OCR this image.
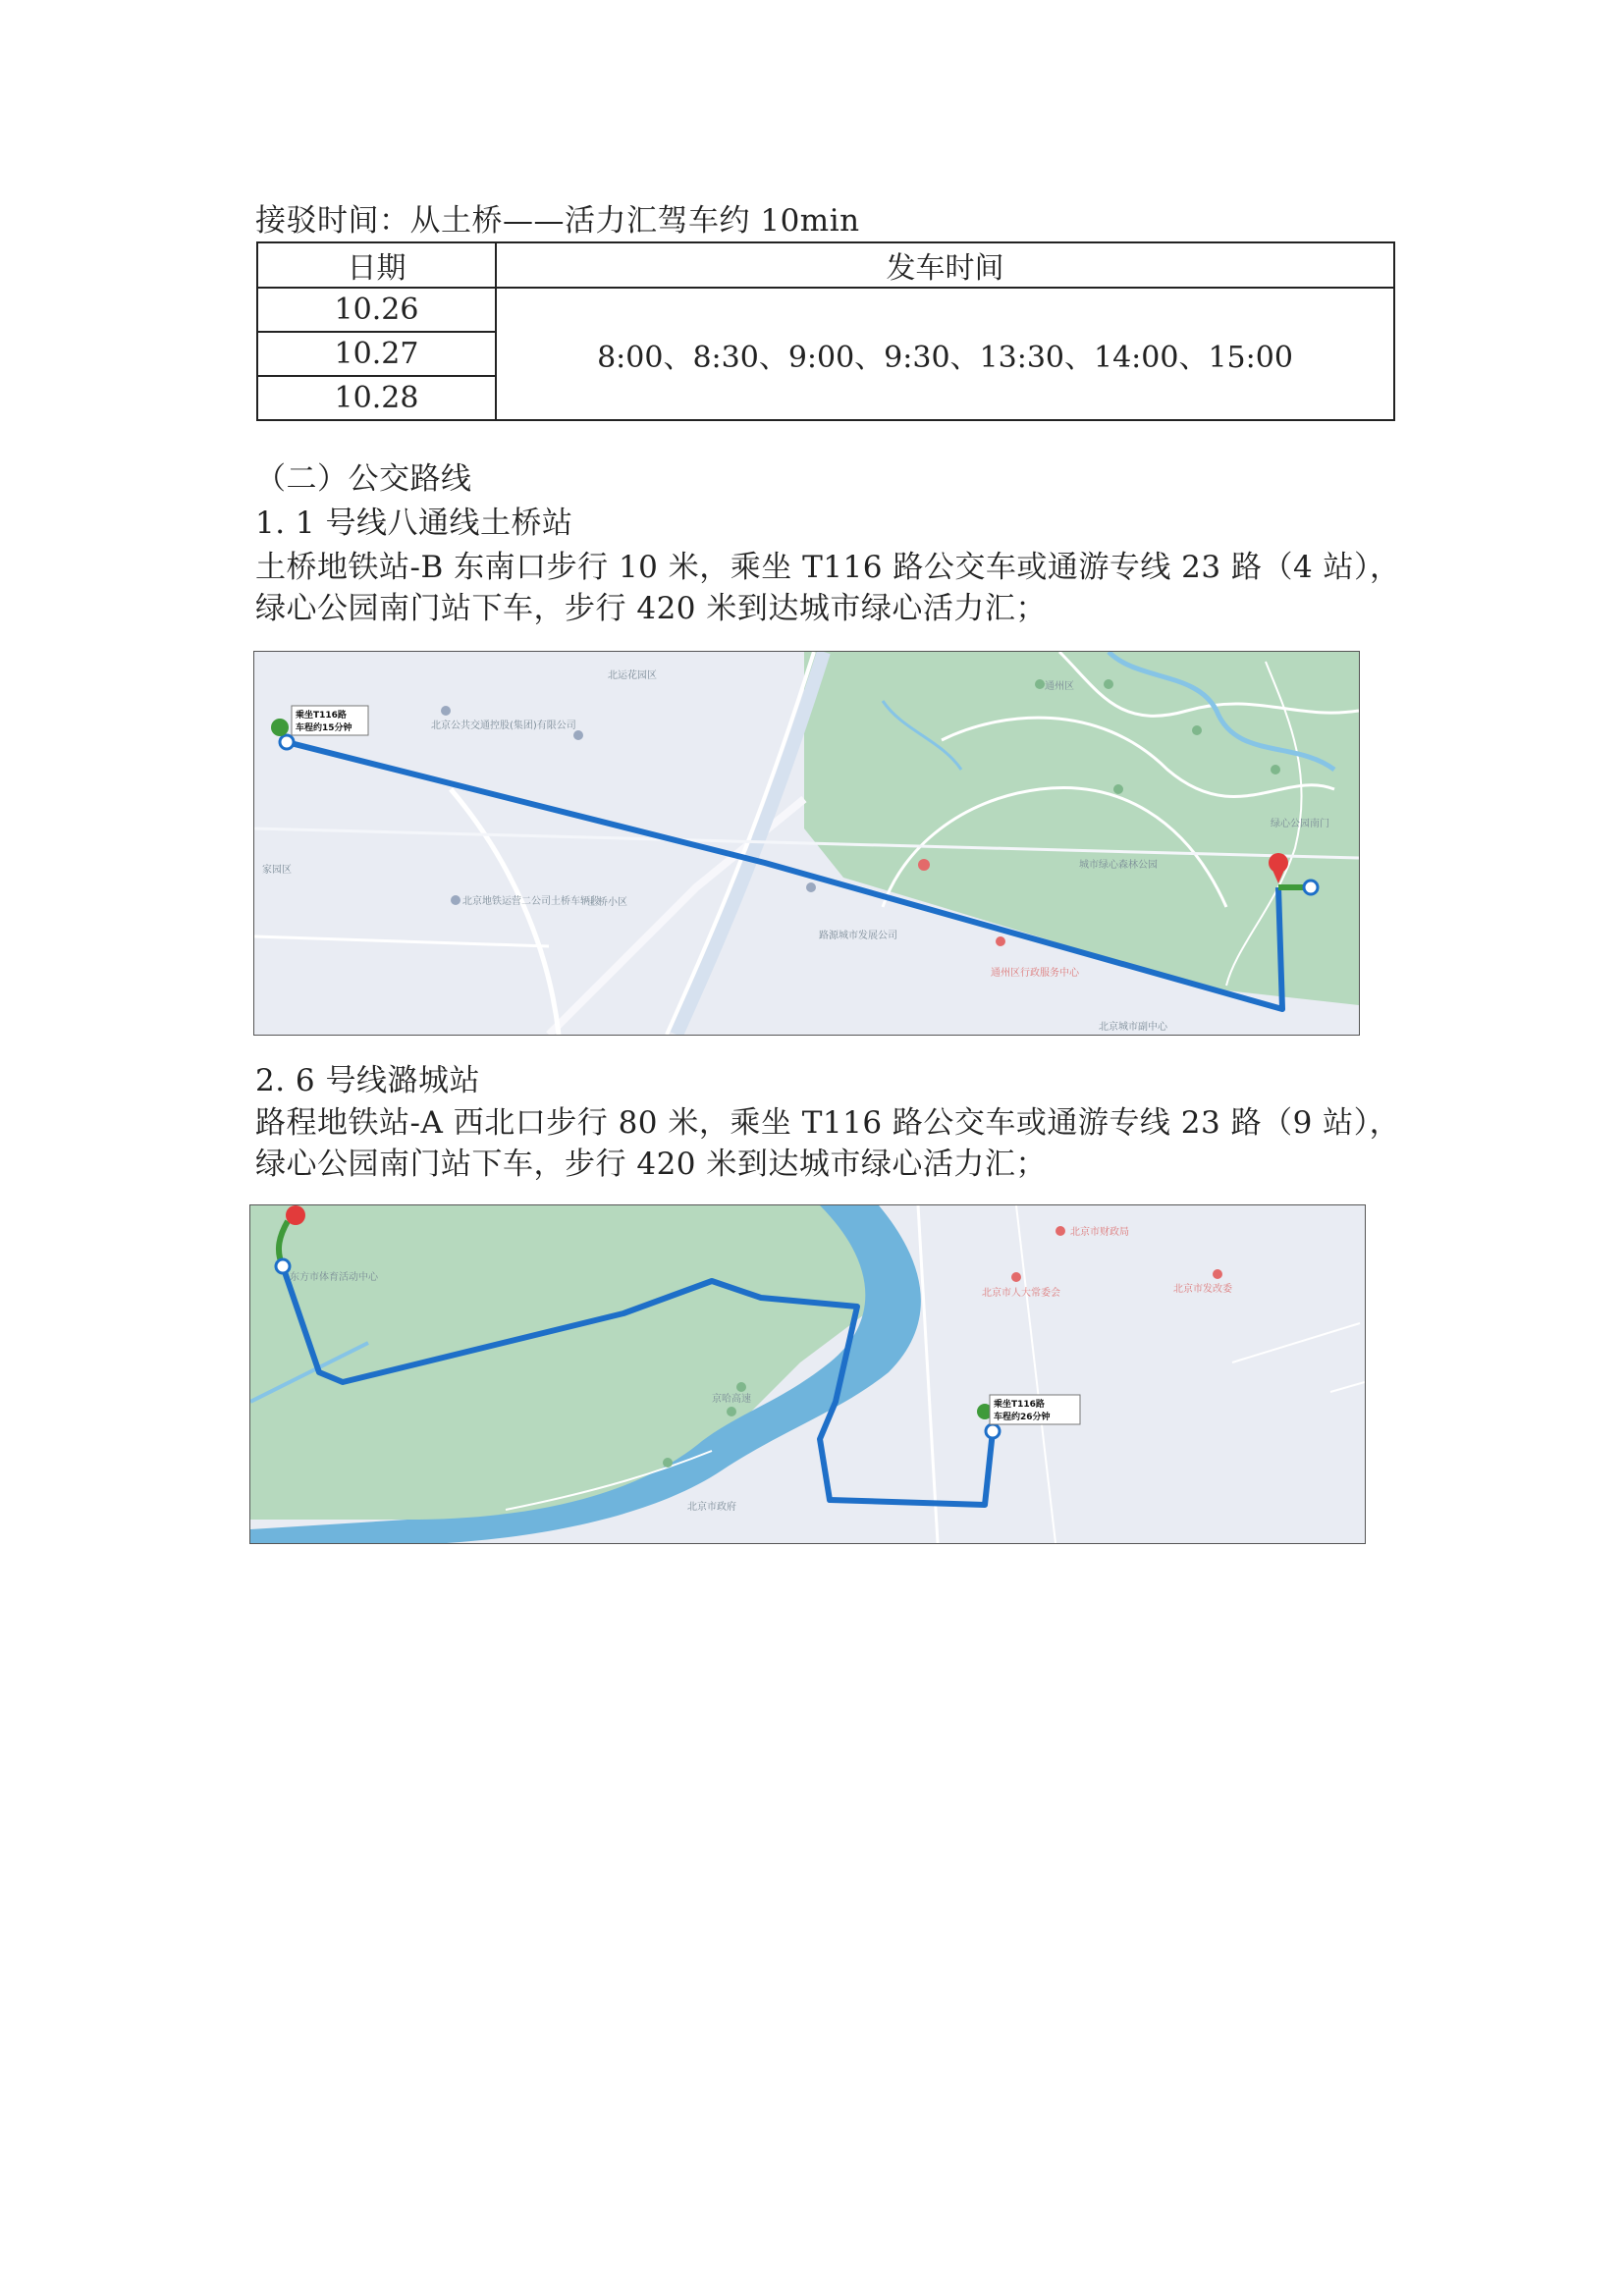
接驳时间：从土桥——活力汇驾车约 10min
日期	发车时间
10.26	8:00、8:30、9:00、9:30、13:30、14:00、15:00
10.27	
10.28	
（二）公交路线
1. 1 号线八通线土桥站
土桥地铁站-B 东南口步行 10 米，乘坐 T116 路公交车或通游专线 23 路（4 站），
绿心公园南门站下车，步行 420 米到达城市绿心活力汇；
北运花园区
北京公共交通控股(集团)有限公司
家园区
北京地铁运营二公司土桥车辆段
土桥小区
通州区
路源城市发展公司
通州区行政服务中心
城市绿心森林公园
北京城市副中心
绿心公园南门
乘坐T116路
车程约15分钟
2. 6 号线潞城站
路程地铁站-A 西北口步行 80 米，乘坐 T116 路公交车或通游专线 23 路（9 站），
绿心公园南门站下车，步行 420 米到达城市绿心活力汇；
北京市财政局
北京市人大常委会	北京市发改委
东方市体育活动中心
京哈高速
北京市政府
乘坐T116路
车程约26分钟
